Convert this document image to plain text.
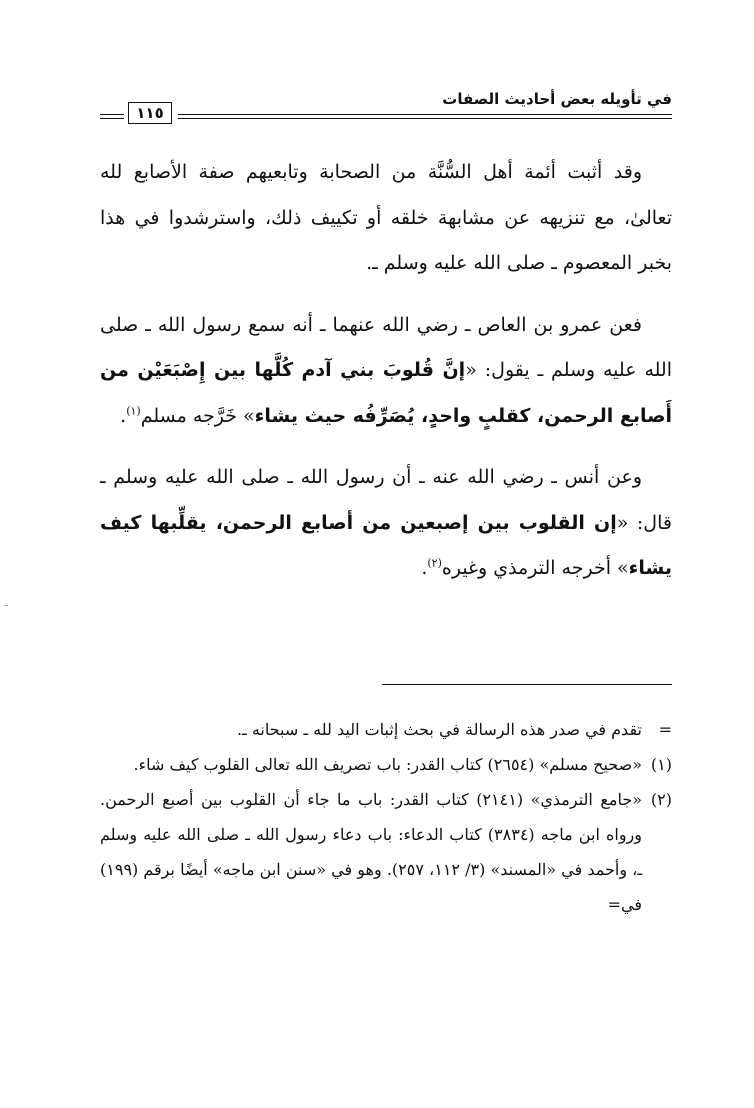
في تأويله بعض أحاديث الصفات
١١٥

وقد أثبت أئمة أهل السُّنَّة من الصحابة وتابعيهم صفة الأصابع لله تعالىٰ، مع تنزيهه عن مشابهة خلقه أو تكييف ذلك، واسترشدوا في هذا بخبر المعصوم ـ صلى الله عليه وسلم ـ.

فعن عمرو بن العاص ـ رضي الله عنهما ـ أنه سمع رسول الله ـ صلى الله عليه وسلم ـ يقول: «إنَّ قُلوبَ بني آدم كُلَّها بين إِصْبَعَيْن من أَصابع الرحمن، كقلبٍ واحدٍ، يُصَرِّفُه حيث يشاء» خَرَّجه مسلم$^{(١)}$.

وعن أنس ـ رضي الله عنه ـ أن رسول الله ـ صلى الله عليه وسلم ـ قال: «إن القلوب بين إصبعين من أصابع الرحمن، يقلِّبها كيف يشاء» أخرجه الترمذي وغيره$^{(٢)}$.

=
تقدم في صدر هذه الرسالة في بحث إثبات اليد لله ـ سبحانه ـ.
(١)
«صحيح مسلم» (٢٦٥٤) كتاب القدر: باب تصريف الله تعالى القلوب كيف شاء.
(٢)
«جامع الترمذي» (٢١٤١) كتاب القدر: باب ما جاء أن القلوب بين أصبع الرحمن. ورواه ابن ماجه (٣٨٣٤) كتاب الدعاء: باب دعاء رسول الله ـ صلى الله عليه وسلم ـ، وأحمد في «المسند» (٣/ ١١٢، ٢٥٧). وهو في «سنن ابن ماجه» أيضًا برقم (١٩٩) في=
-
